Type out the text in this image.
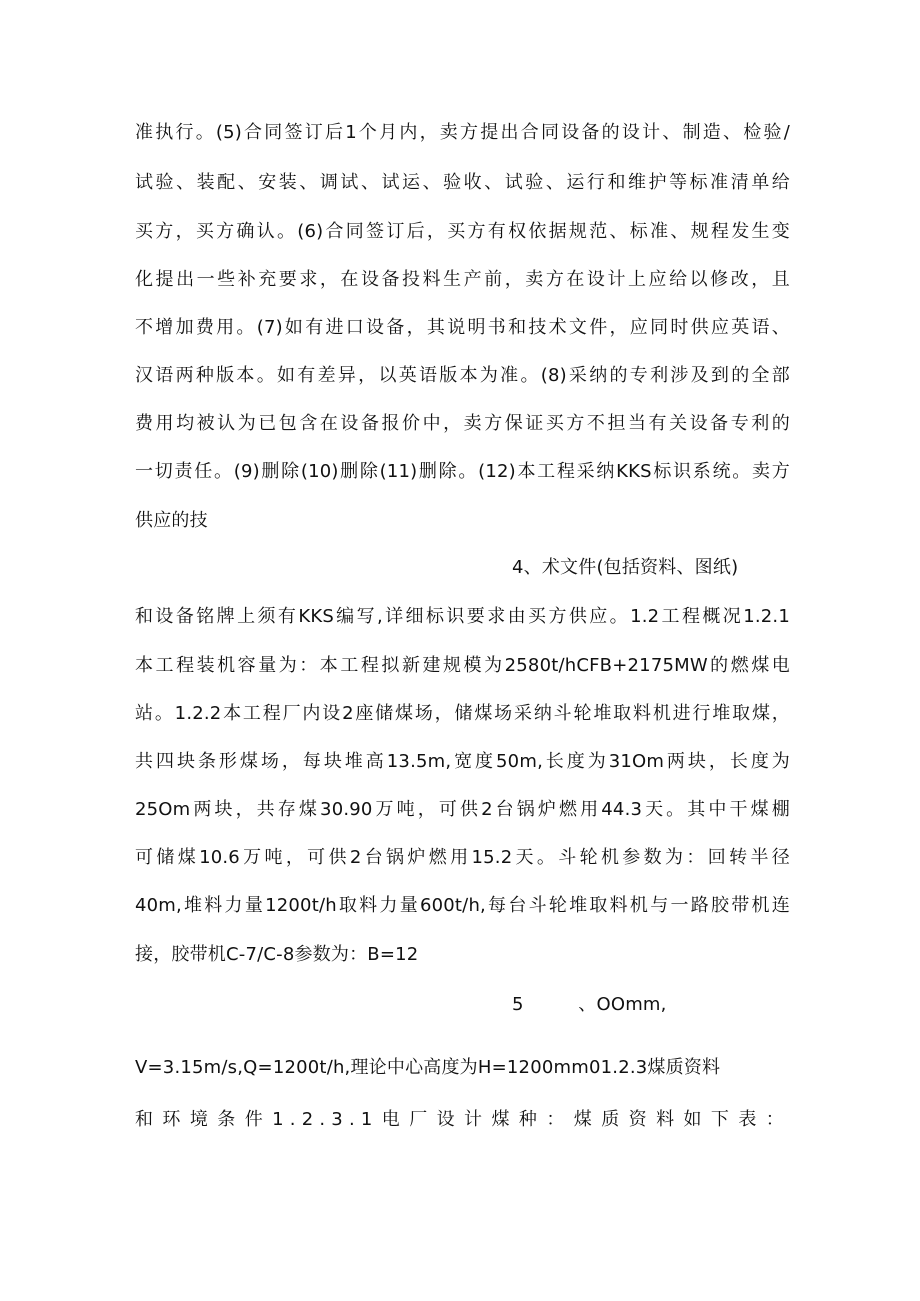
准执行。(5)合同签订后1个月内，卖方提出合同设备的设计、制造、检验/
试验、装配、安装、调试、试运、验收、试验、运行和维护等标准清单给
买方，买方确认。(6)合同签订后，买方有权依据规范、标准、规程发生变
化提出一些补充要求，在设备投料生产前，卖方在设计上应给以修改，且
不增加费用。(7)如有进口设备，其说明书和技术文件，应同时供应英语、
汉语两种版本。如有差异，以英语版本为准。(8)采纳的专利涉及到的全部
费用均被认为已包含在设备报价中，卖方保证买方不担当有关设备专利的
一切责任。(9)删除(10)删除(11)删除。(12)本工程采纳KKS标识系统。卖方
供应的技
4、术文件(包括资料、图纸)
和设备铭牌上须有KKS编写,详细标识要求由买方供应。1.2工程概况1.2.1
本工程装机容量为：本工程拟新建规模为2580t∕hCFB+2175MW的燃煤电
站。1.2.2本工程厂内设2座储煤场，储煤场采纳斗轮堆取料机进行堆取煤，
共四块条形煤场，每块堆高13.5m,宽度50m,长度为31Om两块，长度为
25Om两块，共存煤30.90万吨，可供2台锅炉燃用44.3天。其中干煤棚
可储煤10.6万吨，可供2台锅炉燃用15.2天。斗轮机参数为：回转半径
40m,堆料力量1200t∕h取料力量600t∕h,每台斗轮堆取料机与一路胶带机连
接，胶带机C-7/C-8参数为：B=12
5　　　、OOmm,
V=3.15m∕s,Q=1200t∕h,理论中心高度为H=1200mm01.2.3煤质资料
和环境条件1.2.3.1电厂设计煤种：煤质资料如下表：
